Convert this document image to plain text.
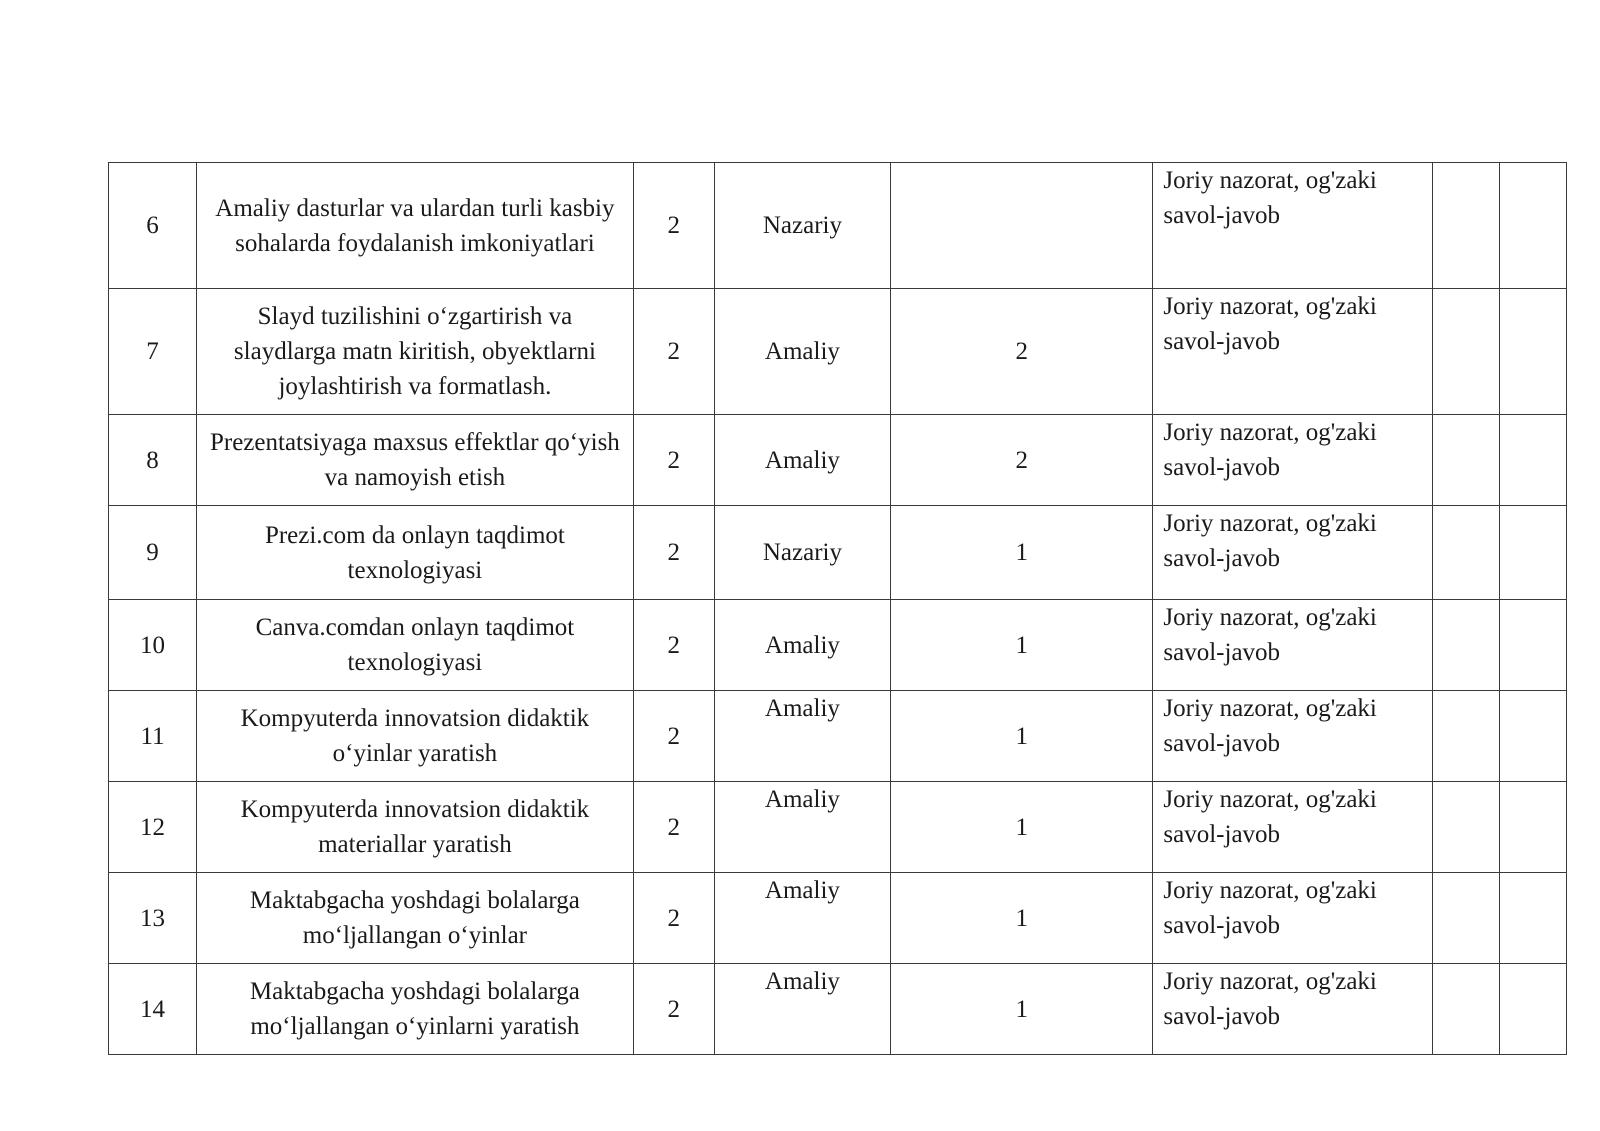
6	Amaliy dasturlar va ulardan turli kasbiy sohalarda foydalanish imkoniyatlari	2	Nazariy		Joriy nazorat, og'zaki savol-javob		
7	Slayd tuzilishini o‘zgartirish va slaydlarga matn kiritish, obyektlarni joylashtirish va formatlash.	2	Amaliy	2	Joriy nazorat, og'zaki savol-javob		
8	Prezentatsiyaga maxsus effektlar qo‘yish va namoyish etish	2	Amaliy	2	Joriy nazorat, og'zaki savol-javob		
9	Prezi.com da onlayn taqdimot texnologiyasi	2	Nazariy	1	Joriy nazorat, og'zaki savol-javob		
10	Canva.comdan onlayn taqdimot texnologiyasi	2	Amaliy	1	Joriy nazorat, og'zaki savol-javob		
11	Kompyuterda innovatsion didaktik o‘yinlar yaratish	2	Amaliy	1	Joriy nazorat, og'zaki savol-javob		
12	Kompyuterda innovatsion didaktik materiallar yaratish	2	Amaliy	1	Joriy nazorat, og'zaki savol-javob		
13	Maktabgacha yoshdagi bolalarga mo‘ljallangan o‘yinlar	2	Amaliy	1	Joriy nazorat, og'zaki savol-javob		
14	Maktabgacha yoshdagi bolalarga mo‘ljallangan o‘yinlarni yaratish	2	Amaliy	1	Joriy nazorat, og'zaki savol-javob		
